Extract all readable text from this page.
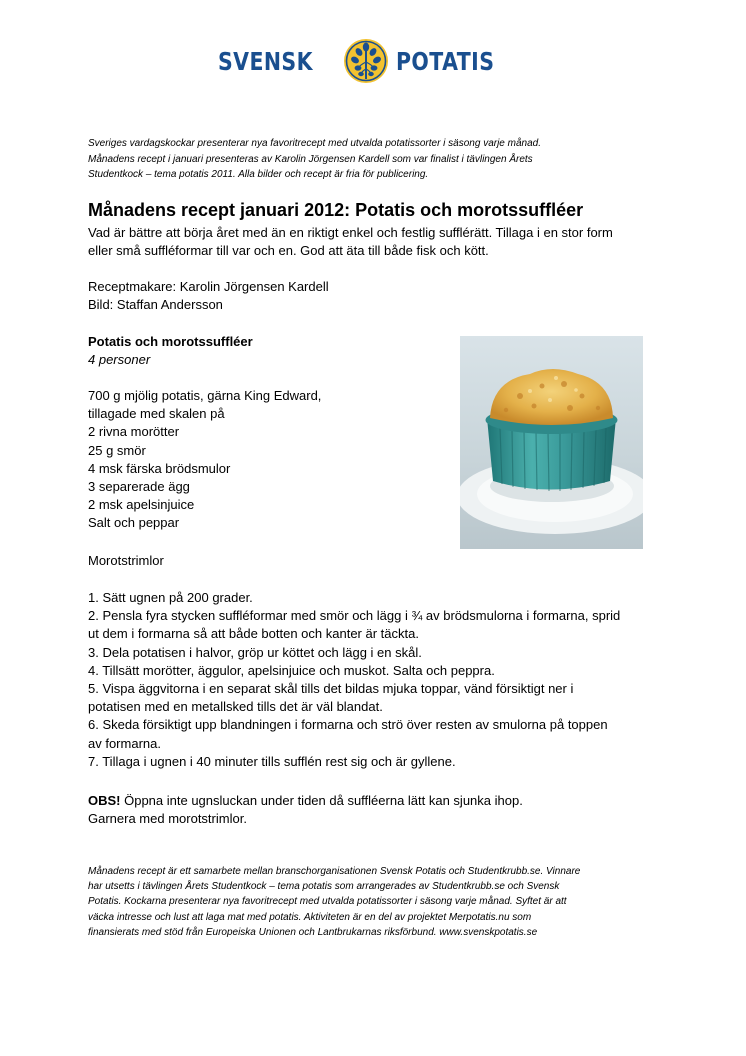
SVENSK	POTATIS
Sveriges vardagskockar presenterar nya favoritrecept med utvalda potatissorter i säsong varje månad.
Månadens recept i januari presenteras av Karolin Jörgensen Kardell som var finalist i tävlingen Årets
Studentkock – tema potatis 2011. Alla bilder och recept är fria för publicering.
Månadens recept januari 2012: Potatis och morotssuffléer
Vad är bättre att börja året med än en riktigt enkel och festlig sufflérätt. Tillaga i en stor form
eller små suffléformar till var och en. God att äta till både fisk och kött.
Receptmakare: Karolin Jörgensen Kardell
Bild: Staffan Andersson
Potatis och morotssuffléer
4 personer
700 g mjölig potatis, gärna King Edward,
tillagade med skalen på
2 rivna morötter
25 g smör
4 msk färska brödsmulor
3 separerade ägg
2 msk apelsinjuice
Salt och peppar
Morotstrimlor
1. Sätt ugnen på 200 grader.
2. Pensla fyra stycken suffléformar med smör och lägg i ¾ av brödsmulorna i formarna, sprid
ut dem i formarna så att både botten och kanter är täckta.
3. Dela potatisen i halvor, gröp ur köttet och lägg i en skål.
4. Tillsätt morötter, äggulor, apelsinjuice och muskot. Salta och peppra.
5. Vispa äggvitorna i en separat skål tills det bildas mjuka toppar, vänd försiktigt ner i
potatisen med en metallsked tills det är väl blandat.
6. Skeda försiktigt upp blandningen i formarna och strö över resten av smulorna på toppen
av formarna.
7. Tillaga i ugnen i 40 minuter tills sufflén rest sig och är gyllene.
OBS! Öppna inte ugnsluckan under tiden då suffléerna lätt kan sjunka ihop.
Garnera med morotstrimlor.
Månadens recept är ett samarbete mellan branschorganisationen Svensk Potatis och Studentkrubb.se. Vinnare
har utsetts i tävlingen Årets Studentkock – tema potatis som arrangerades av Studentkrubb.se och Svensk
Potatis. Kockarna presenterar nya favoritrecept med utvalda potatissorter i säsong varje månad. Syftet är att
väcka intresse och lust att laga mat med potatis. Aktiviteten är en del av projektet Merpotatis.nu som
finansierats med stöd från Europeiska Unionen och Lantbrukarnas riksförbund. www.svenskpotatis.se
